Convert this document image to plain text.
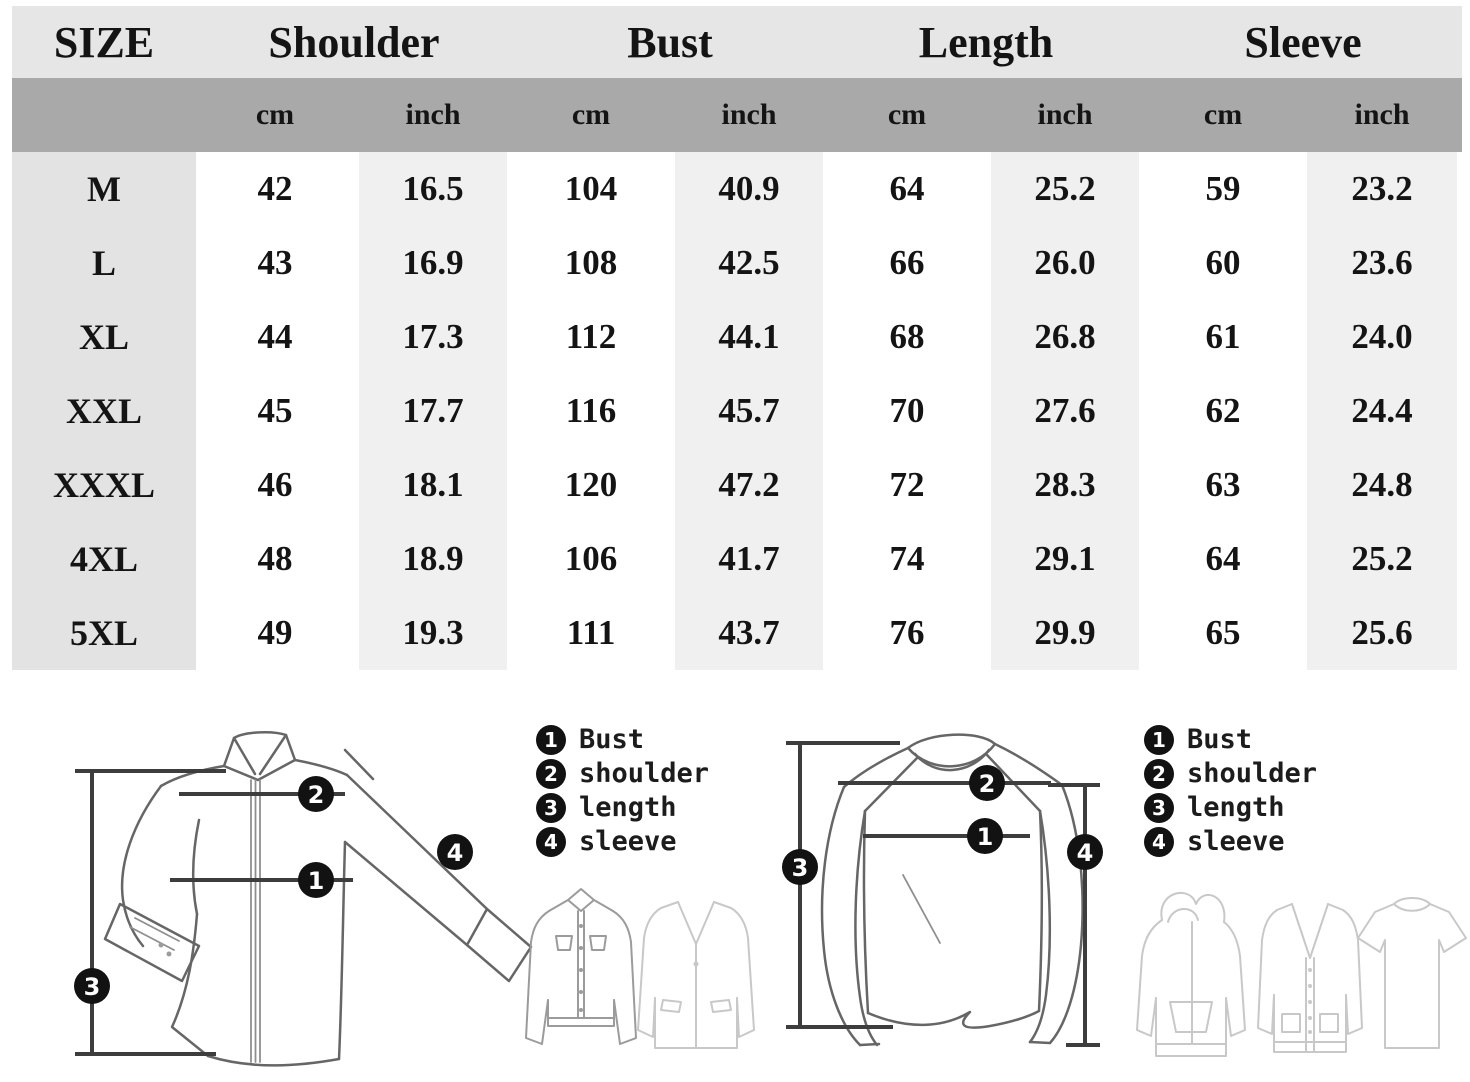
SIZE	Shoulder		Bust		Length		Sleeve	
	cm	inch	cm	inch	cm	inch	cm	inch
M	42	16.5	104	40.9	64	25.2	59	23.2
L	43	16.9	108	42.5	66	26.0	60	23.6
XL	44	17.3	112	44.1	68	26.8	61	24.0
XXL	45	17.7	116	45.7	70	27.6	62	24.4
XXXL	46	18.1	120	47.2	72	28.3	63	24.8
4XL	48	18.9	106	41.7	74	29.1	64	25.2
5XL	49	19.3	111	43.7	76	29.9	65	25.6
2
1
4
3
1 Bust
2 shoulder
3 length
4 sleeve
3
2
1
4
1 Bust
2 shoulder
3 length
4 sleeve
